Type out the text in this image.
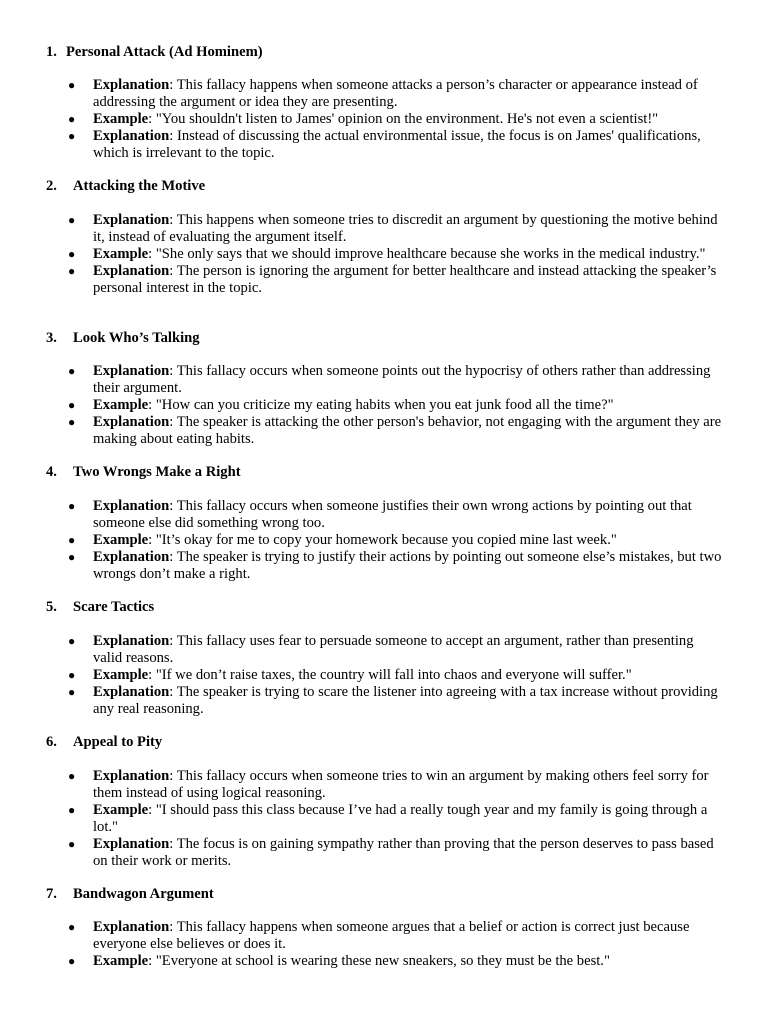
1. Personal Attack (Ad Hominem)
● Explanation: This fallacy happens when someone attacks a person’s character or appearance instead of addressing the argument or idea they are presenting.
● Example: "You shouldn't listen to James' opinion on the environment. He's not even a scientist!"
● Explanation: Instead of discussing the actual environmental issue, the focus is on James' qualifications, which is irrelevant to the topic.
2. Attacking the Motive
● Explanation: This happens when someone tries to discredit an argument by questioning the motive behind it, instead of evaluating the argument itself.
● Example: "She only says that we should improve healthcare because she works in the medical industry."
● Explanation: The person is ignoring the argument for better healthcare and instead attacking the speaker’s personal interest in the topic.
3. Look Who’s Talking
● Explanation: This fallacy occurs when someone points out the hypocrisy of others rather than addressing their argument.
● Example: "How can you criticize my eating habits when you eat junk food all the time?"
● Explanation: The speaker is attacking the other person's behavior, not engaging with the argument they are making about eating habits.
4. Two Wrongs Make a Right
● Explanation: This fallacy occurs when someone justifies their own wrong actions by pointing out that someone else did something wrong too.
● Example: "It’s okay for me to copy your homework because you copied mine last week."
● Explanation: The speaker is trying to justify their actions by pointing out someone else’s mistakes, but two wrongs don’t make a right.
5. Scare Tactics
● Explanation: This fallacy uses fear to persuade someone to accept an argument, rather than presenting valid reasons.
● Example: "If we don’t raise taxes, the country will fall into chaos and everyone will suffer."
● Explanation: The speaker is trying to scare the listener into agreeing with a tax increase without providing any real reasoning.
6. Appeal to Pity
● Explanation: This fallacy occurs when someone tries to win an argument by making others feel sorry for them instead of using logical reasoning.
● Example: "I should pass this class because I’ve had a really tough year and my family is going through a lot."
● Explanation: The focus is on gaining sympathy rather than proving that the person deserves to pass based on their work or merits.
7. Bandwagon Argument
● Explanation: This fallacy happens when someone argues that a belief or action is correct just because everyone else believes or does it.
● Example: "Everyone at school is wearing these new sneakers, so they must be the best."
